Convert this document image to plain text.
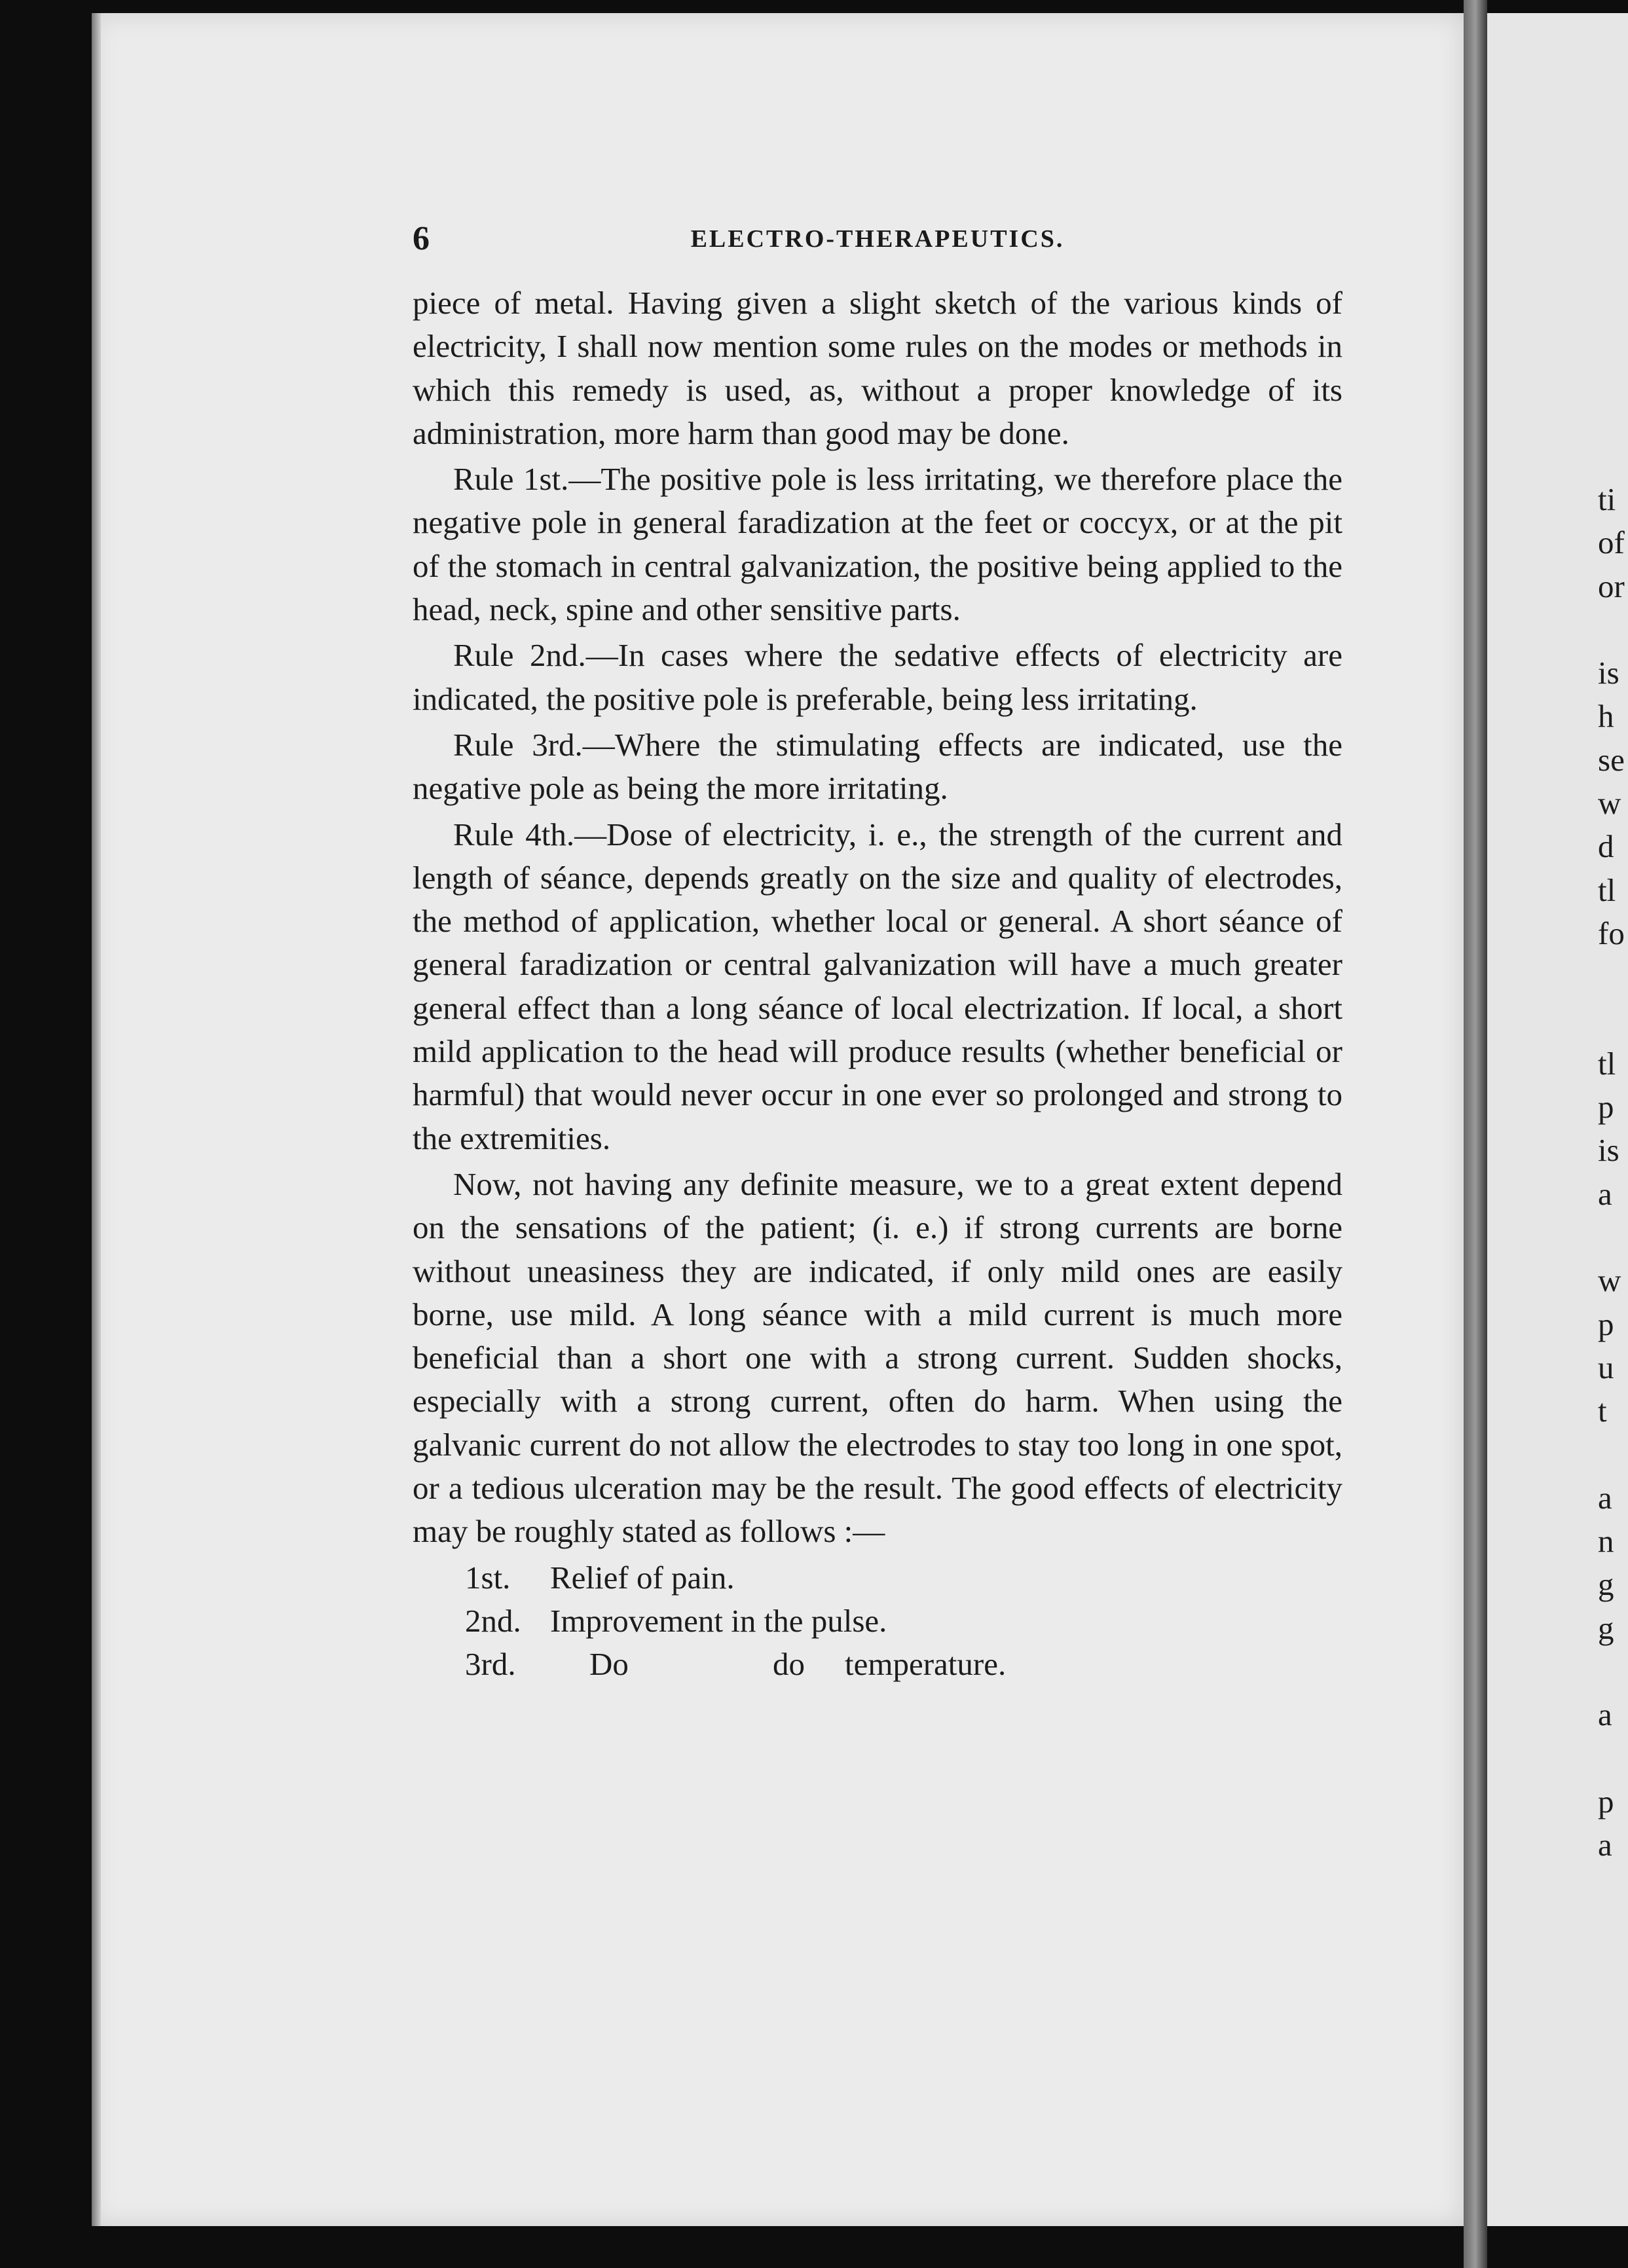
6	ELECTRO-THERAPEUTICS.

piece of metal. Having given a slight sketch of the various kinds of electricity, I shall now mention some rules on the modes or methods in which this remedy is used, as, without a proper knowledge of its administration, more harm than good may be done.

Rule 1st.—The positive pole is less irritating, we therefore place the negative pole in general faradization at the feet or coccyx, or at the pit of the stomach in central galvanization, the positive being applied to the head, neck, spine and other sensitive parts.

Rule 2nd.—In cases where the sedative effects of electricity are indicated, the positive pole is preferable, being less irritating.

Rule 3rd.—Where the stimulating effects are indicated, use the negative pole as being the more irritating.

Rule 4th.—Dose of electricity, i. e., the strength of the current and length of séance, depends greatly on the size and quality of electrodes, the method of application, whether local or general. A short séance of general faradization or central galvanization will have a much greater general effect than a long séance of local electrization. If local, a short mild application to the head will produce results (whether beneficial or harmful) that would never occur in one ever so prolonged and strong to the extremities.

Now, not having any definite measure, we to a great extent depend on the sensations of the patient; (i. e.) if strong currents are borne without uneasiness they are indicated, if only mild ones are easily borne, use mild. A long séance with a mild current is much more beneficial than a short one with a strong current. Sudden shocks, especially with a strong current, often do harm. When using the galvanic current do not allow the electrodes to stay too long in one spot, or a tedious ulceration may be the result. The good effects of electricity may be roughly stated as follows :—

1st. Relief of pain.
2nd. Improvement in the pulse.
3rd. Do	do temperature.
ti
of
or
is
h
se
w
d
tl
fo
tl
p
is
a
w
p
u
t
a
n
g
g
a
p
a
